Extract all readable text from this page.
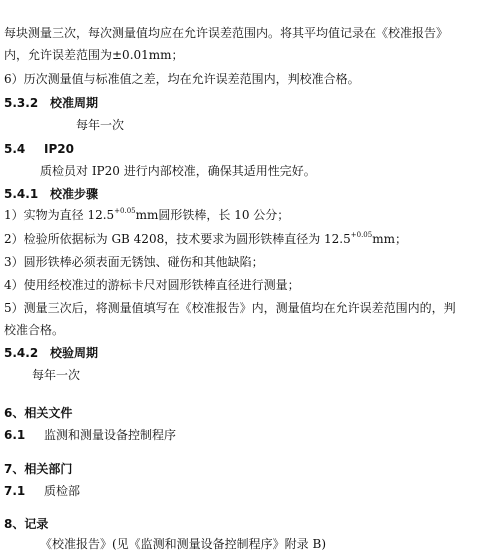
每块测量三次，每次测量值均应在允许误差范围内。将其平均值记录在《校准报告》
内，允许误差范围为±0.01mm；
6）历次测量值与标准值之差，均在允许误差范围内，判校准合格。
5.3.2 校准周期
每年一次
5.4 IP20
质检员对 IP20 进行内部校准，确保其适用性完好。
5.4.1 校准步骤
1）实物为直径 $12.5^{+0.05}mm$圆形铁棒，长 10 公分；
2）检验所依据标为 GB 4208，技术要求为圆形铁棒直径为 $12.5^{+0.05}mm$；
3）圆形铁棒必须表面无锈蚀、碰伤和其他缺陷；
4）使用经校准过的游标卡尺对圆形铁棒直径进行测量；
5）测量三次后，将测量值填写在《校准报告》内，测量值均在允许误差范围内的，判
校准合格。
5.4.2 校验周期
每年一次
6、相关文件
6.1 监测和测量设备控制程序
7、相关部门
7.1 质检部
8、记录
《校准报告》(见《监测和测量设备控制程序》附录 B)
